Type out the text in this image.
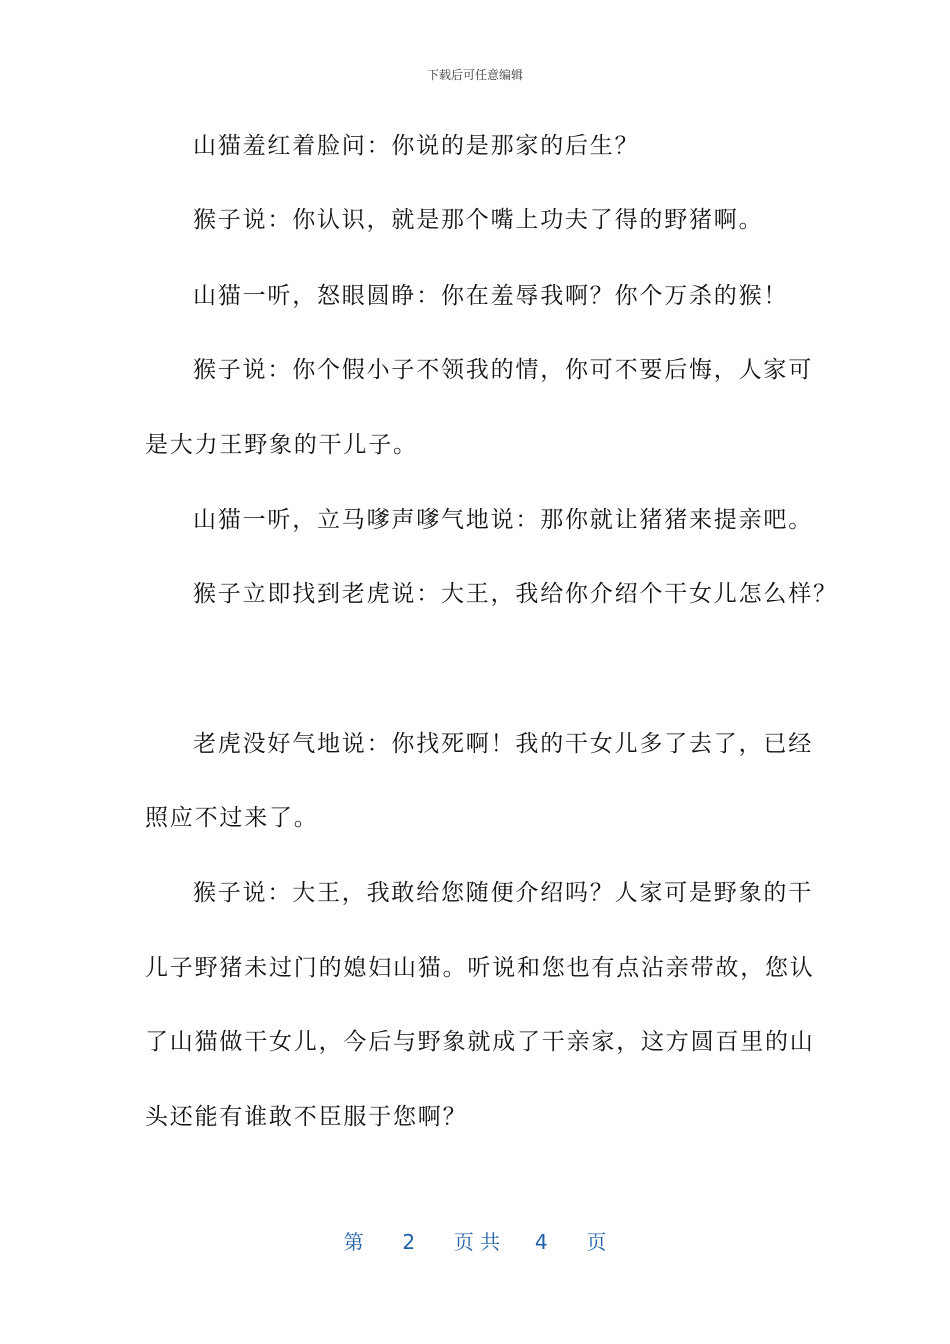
下载后可任意编辑
山猫羞红着脸问：你说的是那家的后生？
猴子说：你认识，就是那个嘴上功夫了得的野猪啊。
山猫一听，怒眼圆睁：你在羞辱我啊？你个万杀的猴！
猴子说：你个假小子不领我的情，你可不要后悔，人家可
是大力王野象的干儿子。
山猫一听，立马嗲声嗲气地说：那你就让猪猪来提亲吧。
猴子立即找到老虎说：大王，我给你介绍个干女儿怎么样？
老虎没好气地说：你找死啊！我的干女儿多了去了，已经
照应不过来了。
猴子说：大王，我敢给您随便介绍吗？人家可是野象的干
儿子野猪未过门的媳妇山猫。听说和您也有点沾亲带故，您认
了山猫做干女儿，今后与野象就成了干亲家，这方圆百里的山
头还能有谁敢不臣服于您啊？
第 2 页 共 4 页
